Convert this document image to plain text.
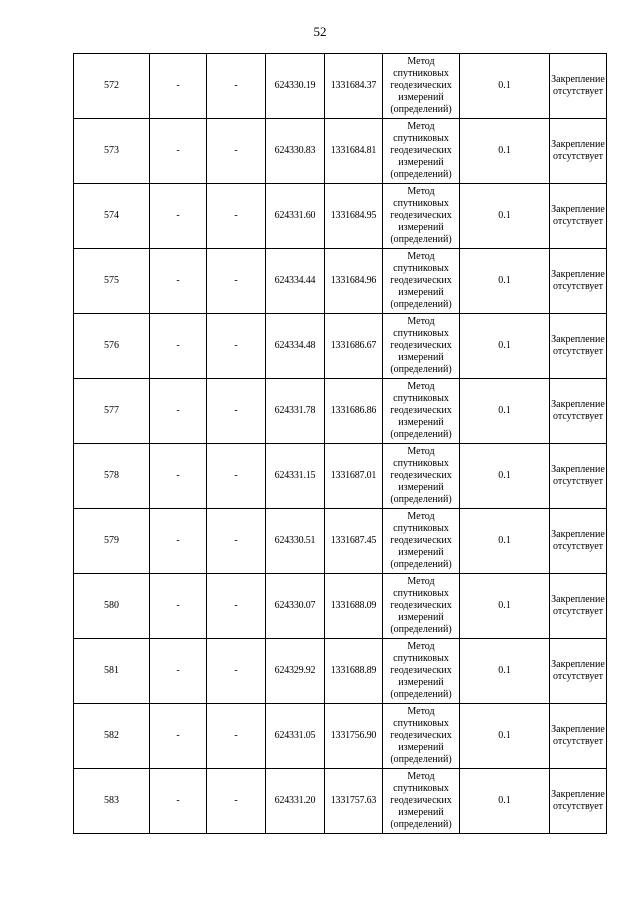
52
572	-	-	624330.19	1331684.37	Метод спутниковых геодезических измерений (определений)	0.1	Закрепление отсутствует
573	-	-	624330.83	1331684.81	Метод спутниковых геодезических измерений (определений)	0.1	Закрепление отсутствует
574	-	-	624331.60	1331684.95	Метод спутниковых геодезических измерений (определений)	0.1	Закрепление отсутствует
575	-	-	624334.44	1331684.96	Метод спутниковых геодезических измерений (определений)	0.1	Закрепление отсутствует
576	-	-	624334.48	1331686.67	Метод спутниковых геодезических измерений (определений)	0.1	Закрепление отсутствует
577	-	-	624331.78	1331686.86	Метод спутниковых геодезических измерений (определений)	0.1	Закрепление отсутствует
578	-	-	624331.15	1331687.01	Метод спутниковых геодезических измерений (определений)	0.1	Закрепление отсутствует
579	-	-	624330.51	1331687.45	Метод спутниковых геодезических измерений (определений)	0.1	Закрепление отсутствует
580	-	-	624330.07	1331688.09	Метод спутниковых геодезических измерений (определений)	0.1	Закрепление отсутствует
581	-	-	624329.92	1331688.89	Метод спутниковых геодезических измерений (определений)	0.1	Закрепление отсутствует
582	-	-	624331.05	1331756.90	Метод спутниковых геодезических измерений (определений)	0.1	Закрепление отсутствует
583	-	-	624331.20	1331757.63	Метод спутниковых геодезических измерений (определений)	0.1	Закрепление отсутствует
